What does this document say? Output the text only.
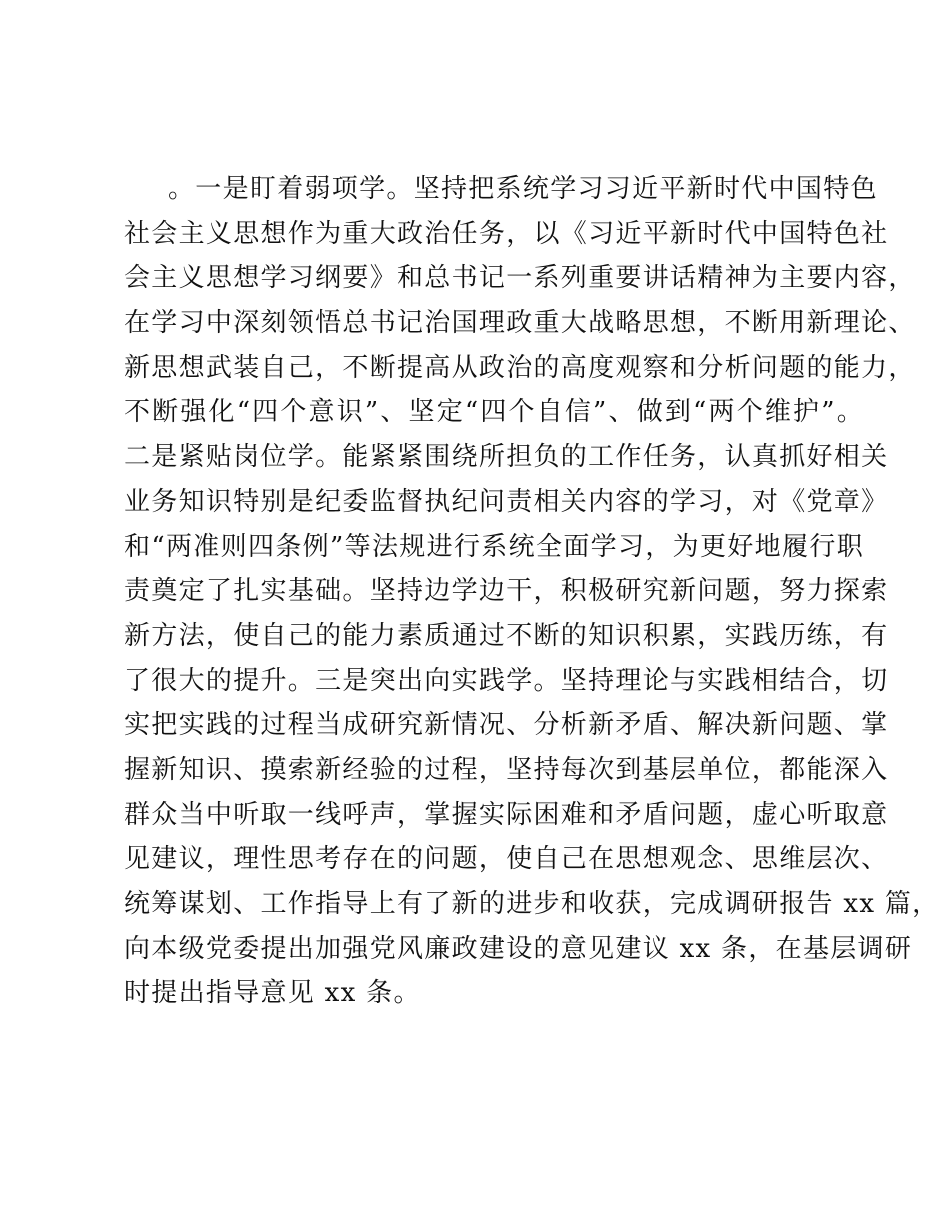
。一是盯着弱项学。坚持把系统学习习近平新时代中国特色
社会主义思想作为重大政治任务，以《习近平新时代中国特色社
会主义思想学习纲要》和总书记一系列重要讲话精神为主要内容，
在学习中深刻领悟总书记治国理政重大战略思想，不断用新理论、
新思想武装自己，不断提高从政治的高度观察和分析问题的能力，
不断强化“四个意识”、坚定“四个自信”、做到“两个维护”。
二是紧贴岗位学。能紧紧围绕所担负的工作任务，认真抓好相关
业务知识特别是纪委监督执纪问责相关内容的学习，对《党章》
和“两准则四条例”等法规进行系统全面学习，为更好地履行职
责奠定了扎实基础。坚持边学边干，积极研究新问题，努力探索
新方法，使自己的能力素质通过不断的知识积累，实践历练，有
了很大的提升。三是突出向实践学。坚持理论与实践相结合，切
实把实践的过程当成研究新情况、分析新矛盾、解决新问题、掌
握新知识、摸索新经验的过程，坚持每次到基层单位，都能深入
群众当中听取一线呼声，掌握实际困难和矛盾问题，虚心听取意
见建议，理性思考存在的问题，使自己在思想观念、思维层次、
统筹谋划、工作指导上有了新的进步和收获，完成调研报告 xx 篇，
向本级党委提出加强党风廉政建设的意见建议 xx 条，在基层调研
时提出指导意见 xx 条。
